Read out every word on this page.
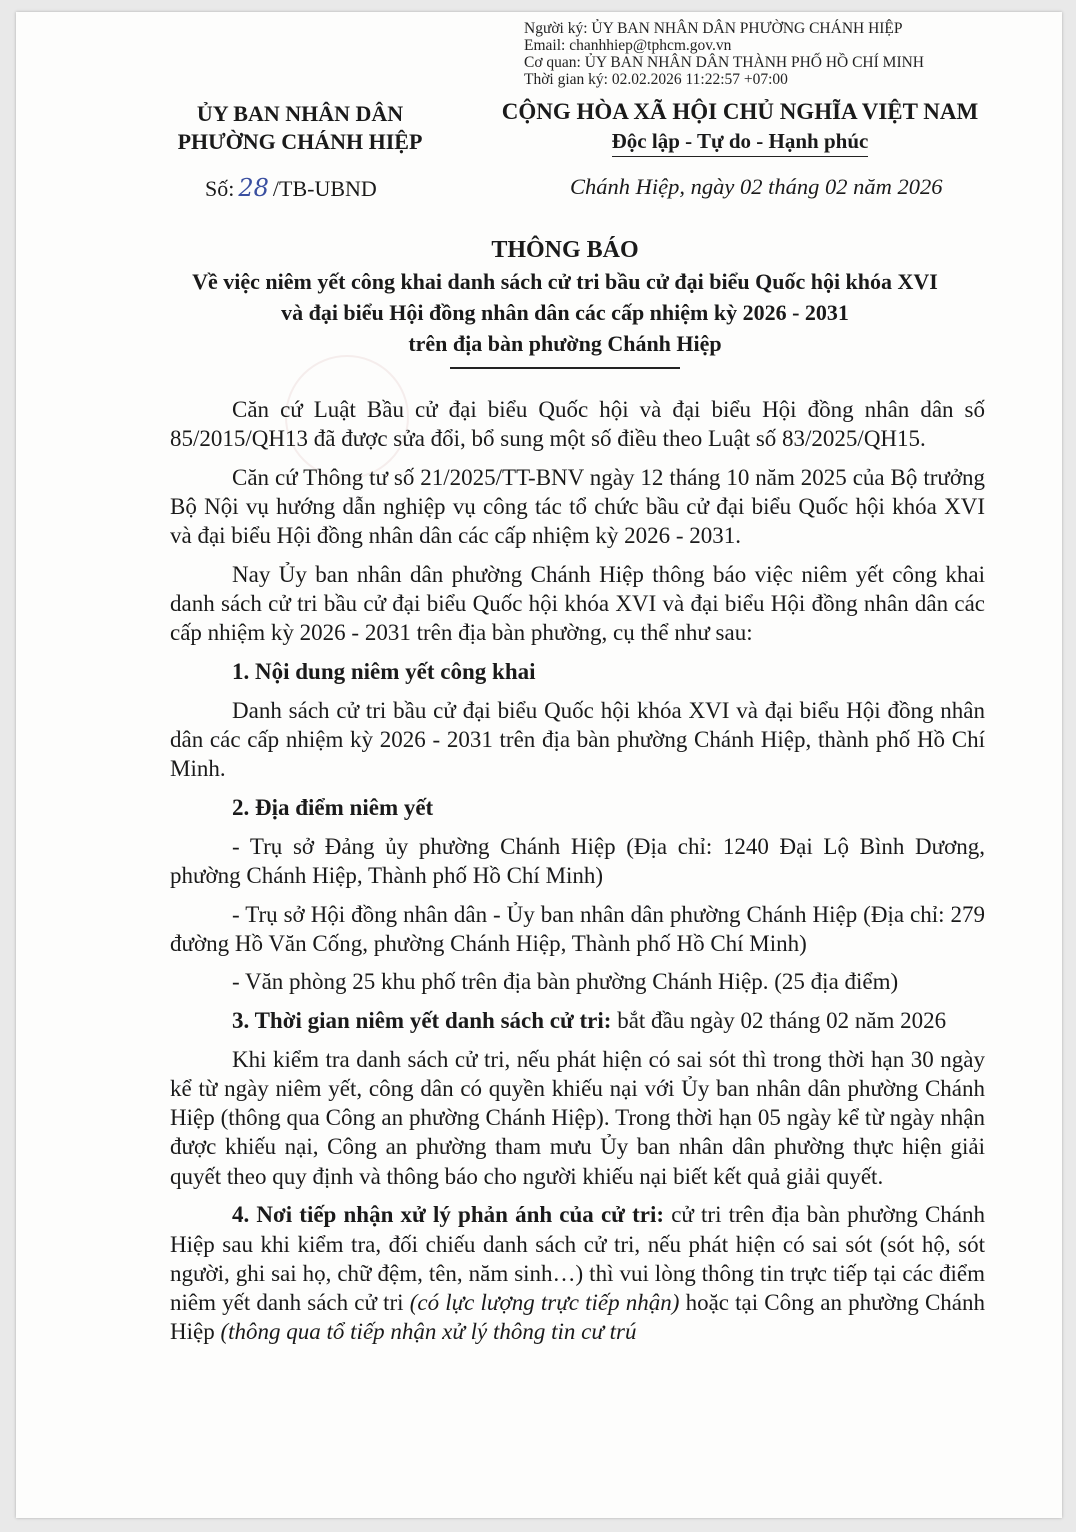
Người ký: ỦY BAN NHÂN DÂN PHƯỜNG CHÁNH HIỆP
Email: chanhhiep@tphcm.gov.vn
Cơ quan: ỦY BAN NHÂN DÂN THÀNH PHỐ HỒ CHÍ MINH
Thời gian ký: 02.02.2026 11:22:57 +07:00
ỦY BAN NHÂN DÂN
PHƯỜNG CHÁNH HIỆP
CỘNG HÒA XÃ HỘI CHỦ NGHĨA VIỆT NAM
Độc lập - Tự do - Hạnh phúc
Số: 28 /TB-UBND	Chánh Hiệp, ngày 02 tháng 02 năm 2026
THÔNG BÁO
Về việc niêm yết công khai danh sách cử tri bầu cử đại biểu Quốc hội khóa XVI
và đại biểu Hội đồng nhân dân các cấp nhiệm kỳ 2026 - 2031
trên địa bàn phường Chánh Hiệp

Căn cứ Luật Bầu cử đại biểu Quốc hội và đại biểu Hội đồng nhân dân số 85/2015/QH13 đã được sửa đổi, bổ sung một số điều theo Luật số 83/2025/QH15.

Căn cứ Thông tư số 21/2025/TT-BNV ngày 12 tháng 10 năm 2025 của Bộ trưởng Bộ Nội vụ hướng dẫn nghiệp vụ công tác tổ chức bầu cử đại biểu Quốc hội khóa XVI và đại biểu Hội đồng nhân dân các cấp nhiệm kỳ 2026 - 2031.

Nay Ủy ban nhân dân phường Chánh Hiệp thông báo việc niêm yết công khai danh sách cử tri bầu cử đại biểu Quốc hội khóa XVI và đại biểu Hội đồng nhân dân các cấp nhiệm kỳ 2026 - 2031 trên địa bàn phường, cụ thể như sau:

1. Nội dung niêm yết công khai

Danh sách cử tri bầu cử đại biểu Quốc hội khóa XVI và đại biểu Hội đồng nhân dân các cấp nhiệm kỳ 2026 - 2031 trên địa bàn phường Chánh Hiệp, thành phố Hồ Chí Minh.

2. Địa điểm niêm yết

- Trụ sở Đảng ủy phường Chánh Hiệp (Địa chỉ: 1240 Đại Lộ Bình Dương, phường Chánh Hiệp, Thành phố Hồ Chí Minh)

- Trụ sở Hội đồng nhân dân - Ủy ban nhân dân phường Chánh Hiệp (Địa chỉ: 279 đường Hồ Văn Cống, phường Chánh Hiệp, Thành phố Hồ Chí Minh)

- Văn phòng 25 khu phố trên địa bàn phường Chánh Hiệp. (25 địa điểm)

3. Thời gian niêm yết danh sách cử tri: bắt đầu ngày 02 tháng 02 năm 2026

Khi kiểm tra danh sách cử tri, nếu phát hiện có sai sót thì trong thời hạn 30 ngày kể từ ngày niêm yết, công dân có quyền khiếu nại với Ủy ban nhân dân phường Chánh Hiệp (thông qua Công an phường Chánh Hiệp). Trong thời hạn 05 ngày kể từ ngày nhận được khiếu nại, Công an phường tham mưu Ủy ban nhân dân phường thực hiện giải quyết theo quy định và thông báo cho người khiếu nại biết kết quả giải quyết.

4. Nơi tiếp nhận xử lý phản ánh của cử tri: cử tri trên địa bàn phường Chánh Hiệp sau khi kiểm tra, đối chiếu danh sách cử tri, nếu phát hiện có sai sót (sót hộ, sót người, ghi sai họ, chữ đệm, tên, năm sinh…) thì vui lòng thông tin trực tiếp tại các điểm niêm yết danh sách cử tri (có lực lượng trực tiếp nhận) hoặc tại Công an phường Chánh Hiệp (thông qua tổ tiếp nhận xử lý thông tin cư trú
